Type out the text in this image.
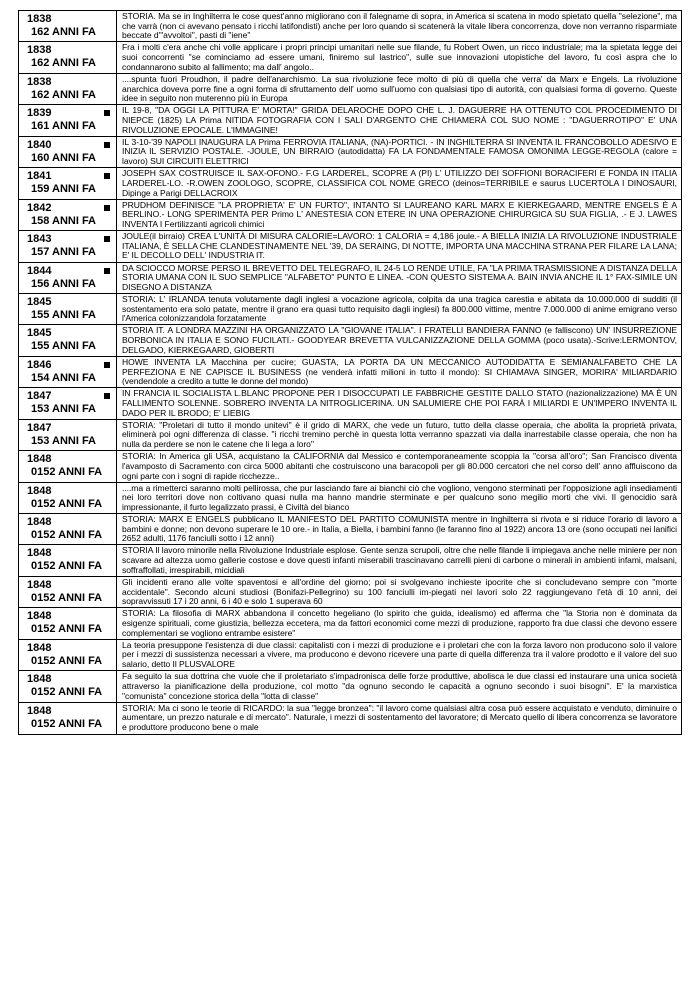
1838
162 ANNI FA
STORIA. Ma se in Inghilterra le cose quest'anno migliorano con il falegname di sopra, in America si scatena in modo spietato quella "selezione", ma che varrà (non ci avevano pensato i ricchi latifondisti) anche per loro quando si scatenerà la vitale libera concorrenza, dove non verranno risparmiate beccate d'"avvoltoi", pasti di "iene"
1838
162 ANNI FA
Fra i molti c'era anche chi volle applicare i propri principi umanitari nelle sue filande, fu Robert Owen, un ricco industriale; ma la spietata legge dei suoi concorrenti "se cominciamo ad essere umani, finiremo sul lastrico", sulle sue innovazioni utopistiche del lavoro, fu così aspra che lo condannarono subito al fallimento; ma dall' angolo..
1838
162 ANNI FA
....spunta fuori Proudhon, il padre dell'anarchismo. La sua rivoluzione fece molto di più di quella che verra' da Marx e Engels. La rivoluzione anarchica doveva porre fine a ogni forma di sfruttamento dell' uomo sull'uomo con qualsiasi tipo di autorità, con qualsiasi forma di governo. Queste idee in seguito non muterenno più in Europa
1839
161 ANNI FA
IL 19-8, "DA OGGI LA PITTURA E' MORTA!" GRIDA DELAROCHE DOPO CHE L. J. DAGUERRE HA OTTENUTO COL PROCEDIMENTO DI NIEPCE (1825) LA Prima NITIDA FOTOGRAFIA CON I SALI D'ARGENTO CHE CHIAMERÀ COL SUO NOME : "DAGUERROTIPO" E' UNA RIVOLUZIONE EPOCALE. L'IMMAGINE!
1840
160 ANNI FA
IL 3-10-'39 NAPOLI INAUGURA LA Prima FERROVIA ITALIANA, (NA)-PORTICI. - IN INGHILTERRA SI INVENTA IL FRANCOBOLLO ADESIVO E INIZIA IL SERVIZIO POSTALE. -JOULE, UN BIRRAIO (autodidatta) FA LA FONDAMENTALE FAMOSA OMONIMA LEGGE-REGOLA (calore = lavoro) SUI CIRCUITI ELETTRICI
1841
159 ANNI FA
JOSEPH SAX COSTRUISCE IL SAX-OFONO.- F.G LARDEREL, SCOPRE A (PI) L' UTILIZZO DEI SOFFIONI BORACIFERI E FONDA IN ITALIA LARDEREL-LO. -R.OWEN ZOOLOGO, SCOPRE, CLASSIFICA COL NOME GRECO (deinos=TERRIBILE e saurus LUCERTOLA I DINOSAURI, Dipinge a Parigi DELLACROIX
1842
158 ANNI FA
PRUDHOM DEFINISCE "LA PROPRIETA' E' UN FURTO", INTANTO SI LAUREANO KARL MARX E KIERKEGAARD, MENTRE ENGELS È A BERLINO.- LONG SPERIMENTA PER Primo L' ANESTESIA CON ETERE IN UNA OPERAZIONE CHIRURGICA SU SUA FIGLIA, .- E J. LAWES INVENTA I Fertilizzanti agricoli chimici
1843
157 ANNI FA
JOULE(il birraio) CREA L'UNITÀ DI MISURA CALORIE=LAVORO: 1 CALORIA = 4,186 joule.- A BIELLA INIZIA LA RIVOLUZIONE INDUSTRIALE ITALIANA, È SELLA CHE CLANDESTINAMENTE NEL '39, DA SERAING, DI NOTTE, IMPORTA UNA MACCHINA STRANA PER FILARE LA LANA; E' IL DECOLLO DELL' INDUSTRIA IT.
1844
156 ANNI FA
DA SCIOCCO MORSE PERSO IL BREVETTO DEL TELEGRAFO, IL 24-5 LO RENDE UTILE, FA "LA PRIMA TRASMISSIONE A DISTANZA DELLA STORIA UMANA CON IL SUO SEMPLICE "ALFABETO" PUNTO E LINEA. -CON QUESTO SISTEMA A. BAIN INVIA ANCHE IL 1° FAX-SIMILE UN DISEGNO A DISTANZA
1845
155 ANNI FA
STORIA: L' IRLANDA tenuta volutamente dagli inglesi a vocazione agricola, colpita da una tragica carestia e abitata da 10.000.000 di sudditi (il sostentamento era solo patate, mentre il grano era quasi tutto requisito dagli inglesi) fa 800.000 vittime, mentre 7.000.000 di anime emigrano verso l'America colonizzandola forzatamente
1845
155 ANNI FA
STORIA IT. A LONDRA MAZZINI HA ORGANIZZATO LA "GIOVANE ITALIA". I FRATELLI BANDIERA FANNO (e falliscono) UN' INSURREZIONE BORBONICA IN ITALIA E SONO FUCILATI.- GOODYEAR BREVETTA VULCANIZZAZIONE DELLA GOMMA (poco usata).-Scrive:LERMONTOV, DELGADO, KIERKEGAARD, GIOBERTI
1846
154 ANNI FA
HOWE INVENTA LA Macchina per cucire; GUASTA, LA PORTA DA UN MECCANICO AUTODIDATTA E SEMIANALFABETO CHE LA PERFEZIONA E NE CAPISCE IL BUSINESS (ne venderà infatti milioni in tutto il mondo): SI CHIAMAVA SINGER, MORIRA' MILIARDARIO (vendendole a credito a tutte le donne del mondo)
1847
153 ANNI FA
IN FRANCIA IL SOCIALISTA L.BLANC PROPONE PER I DISOCCUPATI LE FABBRICHE GESTITE DALLO STATO (nazionalizzazione) MA È UN FALLIMENTO SOLENNE. SOBRERO INVENTA LA NITROGLICERINA. UN SALUMIERE CHE POI FARÀ I MILIARDI E UN'IMPERO INVENTA IL DADO PER IL BRODO; E' LIEBIG
1847
153 ANNI FA
STORIA: "Proletari di tutto il mondo unitevi" è il grido di MARX, che vede un futuro, tutto della classe operaia, che abolita la proprietà privata, eliminerà poi ogni differenza di classe. "i ricchi tremino perchè in questa lotta verranno spazzati via dalla inarrestabile classe operaia, che non ha nulla da perdere se non le catene che li lega a loro"
1848
0152 ANNI FA
STORIA: In America gli USA, acquistano la CALIFORNIA dal Messico e contemporaneamente scoppia la "corsa all'oro"; San Francisco diventa l'avamposto di Sacramento con circa 5000 abitanti che costruiscono una baracopoli per gli 80.000 cercatori che nel corso dell' anno affluiscono da ogni parte con i sogni di rapide ricchezze..
1848
0152 ANNI FA
....ma a rimetterci saranno molti pellirossa, che pur lasciando fare ai bianchi ciò che vogliono, vengono sterminati per l'opposizione agli insediamenti nei loro territori dove non coltivano quasi nulla ma hanno mandrie sterminate e per qualcuno sono megilio morti che vivi. Il genocidio sarà impressionante, il furto legalizzato prassi, è Civiltà del bianco
1848
0152 ANNI FA
STORIA: MARX E ENGELS pubblicano IL MANIFESTO DEL PARTITO COMUNISTA mentre in Inghilterra si rivota e si riduce l'orario di lavoro a bambini e donne; non devono superare le 10 ore.- in Italia, a Biella, i bambini fanno (le faranno fino al 1922) ancora 13 ore (sono occupati nei lanifici 2652 adulti, 1176 fanciulli sotto i 12 anni)
1848
0152 ANNI FA
STORIA Il lavoro minorile nella Rivoluzione Industriale esplose. Gente senza scrupoli, oltre che nelle filande li impiegava anche nelle miniere per non scavare ad altezza uomo gallerie costose e dove questi infanti miserabili trascinavano carrelli pieni di carbone o minerali in ambienti infami, malsani, soffraffollati, irrespirabili, micidiali
1848
0152 ANNI FA
Gli incidenti erano alle volte spaventosi e all'ordine del giorno; poi si svolgevano inchieste ipocrite che si concludevano sempre con "morte accidentale". Secondo alcuni studiosi (Bonifazi-Pellegrino) su 100 fanciulli im-piegati nei lavori solo 22 raggiungevano l'età di 10 anni, dei sopravvissuti 17 i 20 anni, 6 i 40 e solo 1 superava 60
1848
0152 ANNI FA
STORIA: La filosofia di MARX abbandona il concetto hegeliano (lo spirito che guida, idealismo) ed afferma che "la Storia non è dominata da esigenze spirituali, come giustizia, bellezza eccetera, ma da fattori economici come mezzi di produzione, rapporto fra due classi che devono essere complementari se vogliono entrambe esistere"
1848
0152 ANNI FA
La teoria presuppone l'esistenza di due classi: capitalisti con i mezzi di produzione e i proletari che con la forza lavoro non producono solo il valore per i mezzi di sussistenza necessari a vivere, ma producono e devono ricevere una parte di quella differenza tra il valore prodotto e il valore del suo salario, detto Il PLUSVALORE
1848
0152 ANNI FA
Fa seguito la sua dottrina che vuole che il proletariato s'impadronisca delle forze produttive, abolisca le due classi ed instaurare una unica società attraverso la pianificazione della produzione, col motto "da ognuno secondo le capacità a ognuno secondo i suoi bisogni". E' la marxistica "comunista" concezione storica della "lotta di classe"
1848
0152 ANNI FA
STORIA: Ma ci sono le teorie di RICARDO: la sua "legge bronzea": "il lavoro come qualsiasi altra cosa può essere acquistato e venduto, diminuire o aumentare, un prezzo naturale e di mercato". Naturale, i mezzi di sostentamento del lavoratore; di Mercato quello di libera concorrenza se lavoratore e produttore producono bene o male
